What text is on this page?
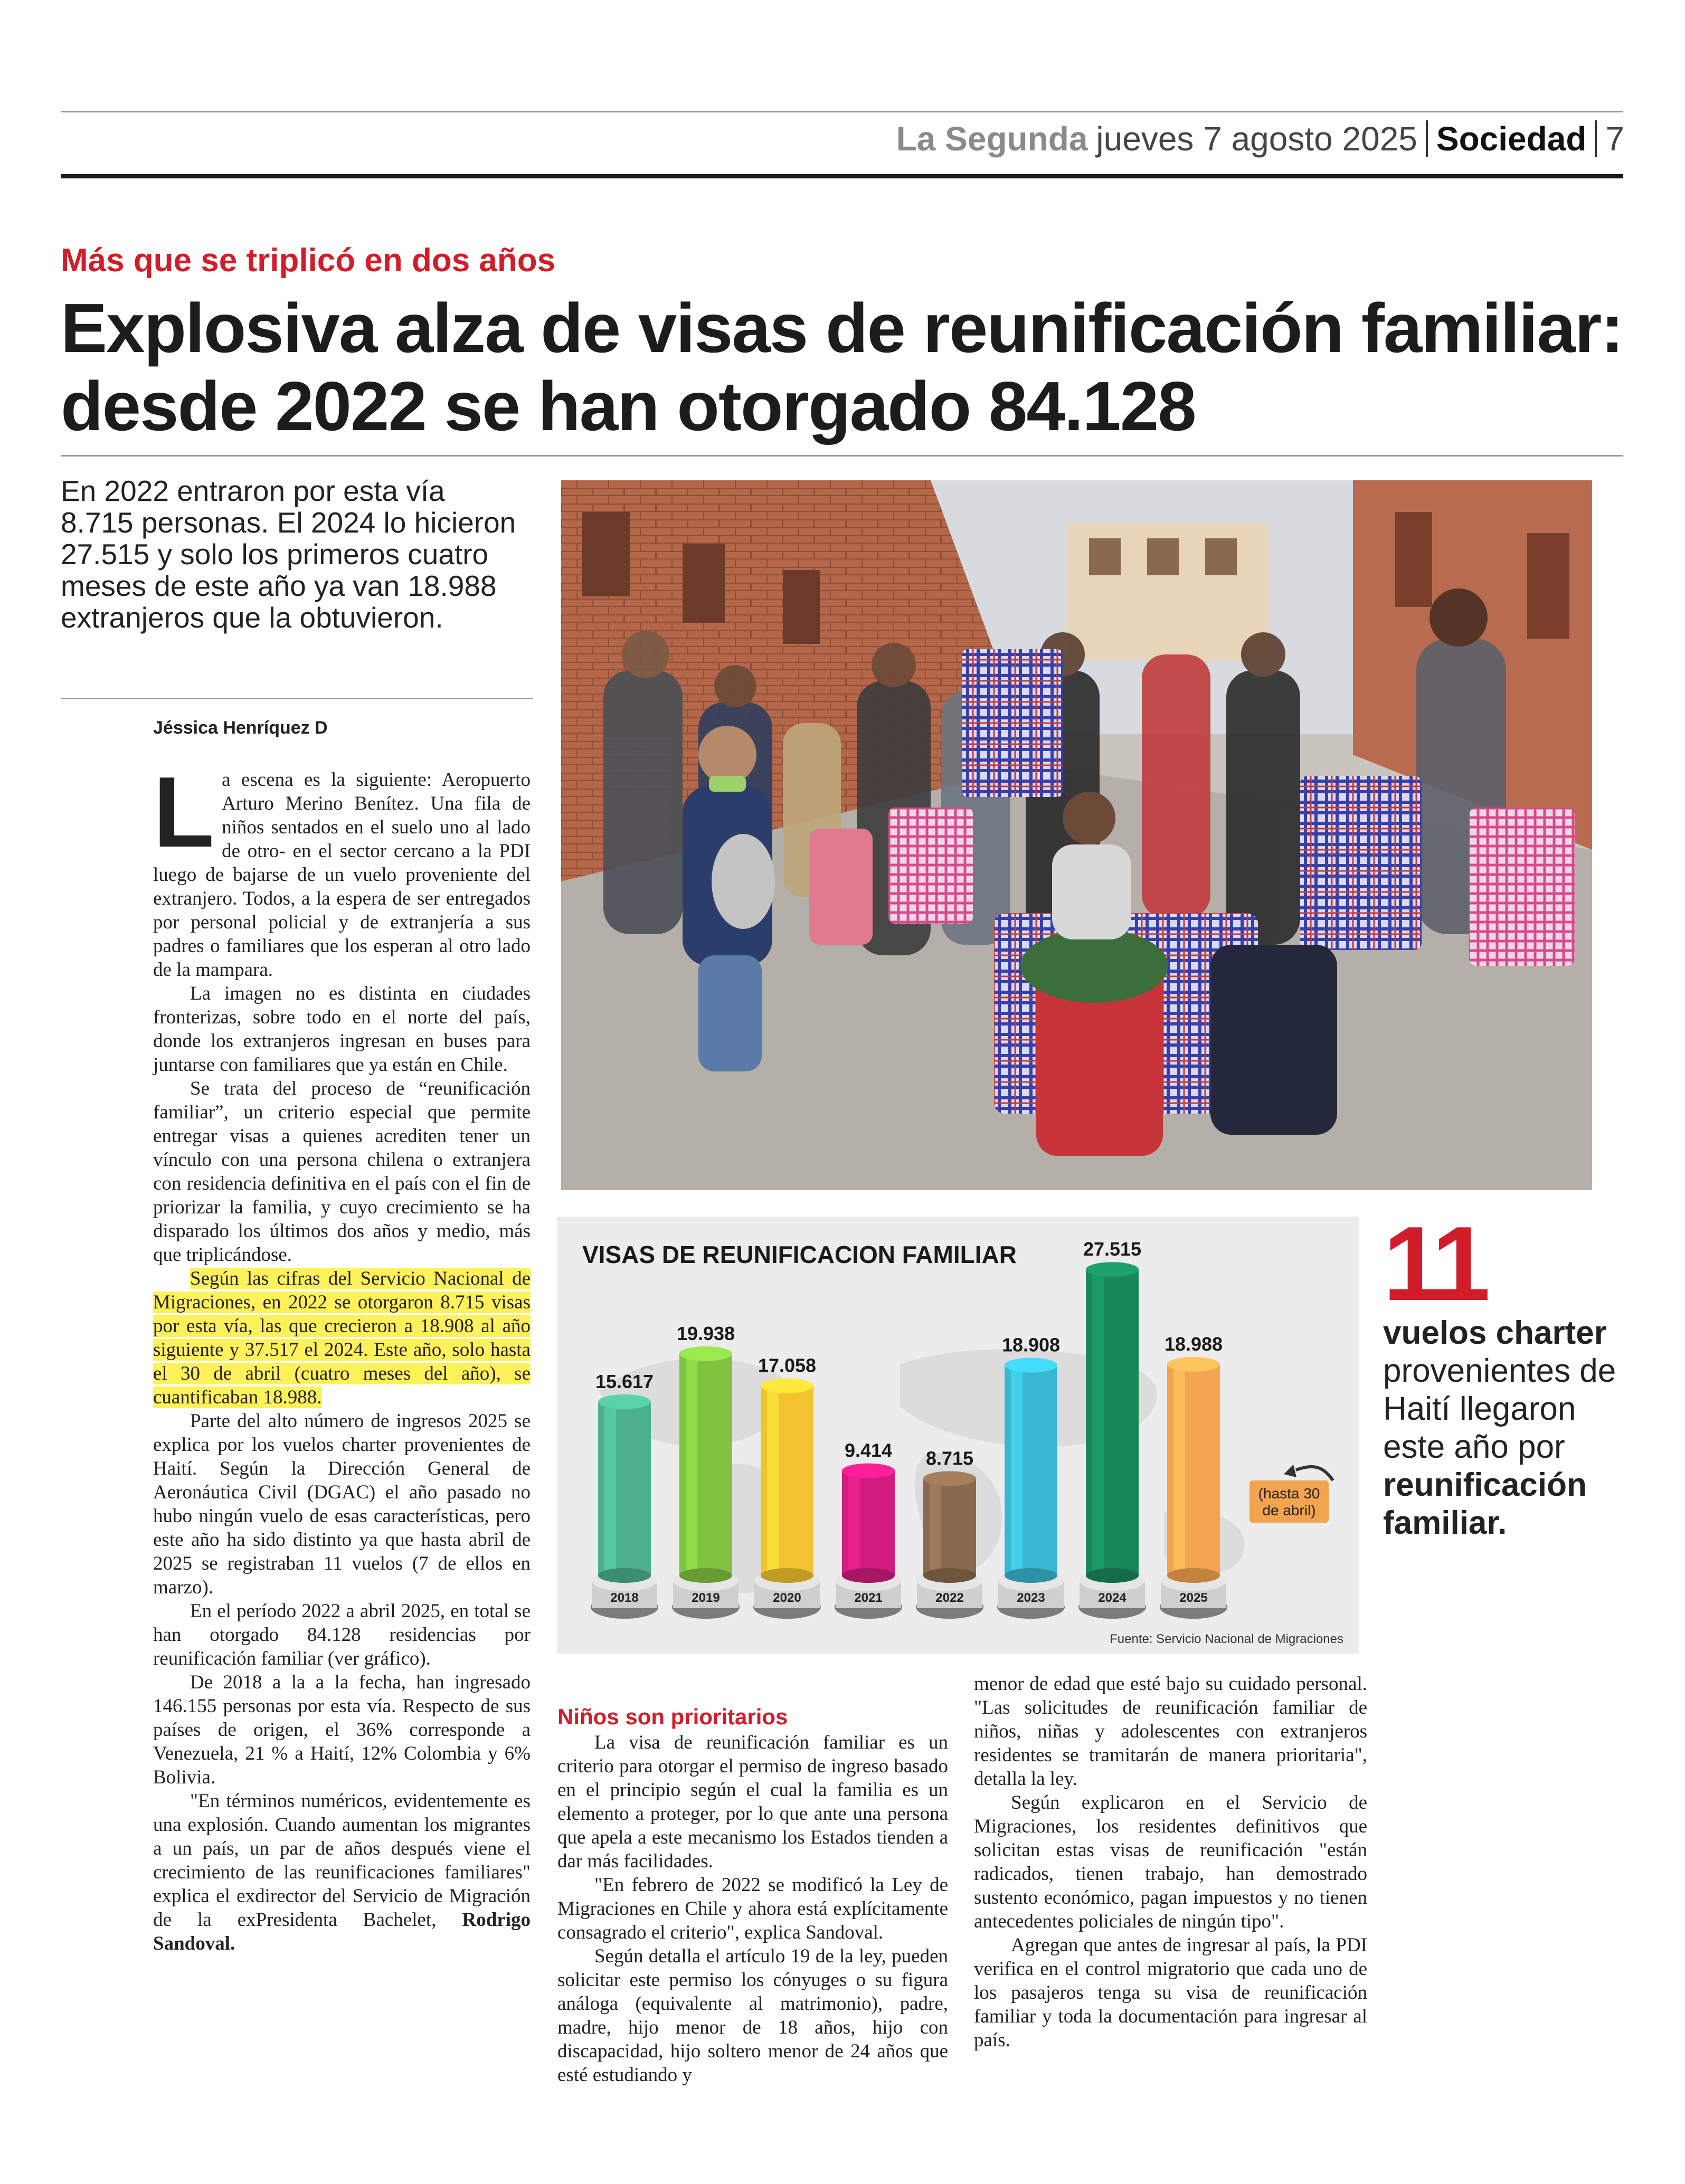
La Segunda jueves 7 agosto 2025 Sociedad 7
Más que se triplicó en dos años
Explosiva alza de visas de reunificación familiar: desde 2022 se han otorgado 84.128
En 2022 entraron por esta vía 8.715 personas. El 2024 lo hicieron 27.515 y solo los primeros cuatro meses de este año ya van 18.988 extranjeros que la obtuvieron.
Jéssica Henríquez D

La escena es la siguiente: Aeropuerto Arturo Merino Benítez. Una fila de niños sentados en el suelo uno al lado de otro- en el sector cercano a la PDI luego de bajarse de un vuelo proveniente del extranjero. Todos, a la espera de ser entregados por personal policial y de extranjería a sus padres o familiares que los esperan al otro lado de la mampara.

La imagen no es distinta en ciudades fronterizas, sobre todo en el norte del país, donde los extranjeros ingresan en buses para juntarse con familiares que ya están en Chile.

Se trata del proceso de “reunificación familiar”, un criterio especial que permite entregar visas a quienes acrediten tener un vínculo con una persona chilena o extranjera con residencia definitiva en el país con el fin de priorizar la familia, y cuyo crecimiento se ha disparado los últimos dos años y medio, más que triplicándose.

Según las cifras del Servicio Nacional de Migraciones, en 2022 se otorgaron 8.715 visas por esta vía, las que crecieron a 18.908 al año siguiente y 37.517 el 2024. Este año, solo hasta el 30 de abril (cuatro meses del año), se cuantificaban 18.988.

Parte del alto número de ingresos 2025 se explica por los vuelos charter provenientes de Haití. Según la Dirección General de Aeronáutica Civil (DGAC) el año pasado no hubo ningún vuelo de esas características, pero este año ha sido distinto ya que hasta abril de 2025 se registraban 11 vuelos (7 de ellos en marzo).

En el período 2022 a abril 2025, en total se han otorgado 84.128 residencias por reunificación familiar (ver gráfico).

De 2018 a la a la fecha, han ingresado 146.155 personas por esta vía. Respecto de sus países de origen, el 36% corresponde a Venezuela, 21 % a Haití, 12% Colombia y 6% Bolivia.

"En términos numéricos, evidentemente es una explosión. Cuando aumentan los migrantes a un país, un par de años después viene el crecimiento de las reunificaciones familiares" explica el exdirector del Servicio de Migración de la exPresidenta Bachelet, Rodrigo Sandoval.

15.617
2018
19.938
2019
17.058
2020
9.414
2021
8.715
2022
18.908
2023
27.515
2024
18.988
2025
VISAS DE REUNIFICACION FAMILIAR
(hasta 30
de abril)
Fuente: Servicio Nacional de Migraciones
11
vuelos charter provenientes de Haití llegaron este año por reunificación familiar.
Niños son prioritarios

La visa de reunificación familiar es un criterio para otorgar el permiso de ingreso basado en el principio según el cual la familia es un elemento a proteger, por lo que ante una persona que apela a este mecanismo los Estados tienden a dar más facilidades.

"En febrero de 2022 se modificó la Ley de Migraciones en Chile y ahora está explícitamente consagrado el criterio", explica Sandoval.

Según detalla el artículo 19 de la ley, pueden solicitar este permiso los cónyuges o su figura análoga (equivalente al matrimonio), padre, madre, hijo menor de 18 años, hijo con discapacidad, hijo soltero menor de 24 años que esté estudiando y

menor de edad que esté bajo su cuidado personal. "Las solicitudes de reunificación familiar de niños, niñas y adolescentes con extranjeros residentes se tramitarán de manera prioritaria", detalla la ley.

Según explicaron en el Servicio de Migraciones, los residentes definitivos que solicitan estas visas de reunificación "están radicados, tienen trabajo, han demostrado sustento económico, pagan impuestos y no tienen antecedentes policiales de ningún tipo".

Agregan que antes de ingresar al país, la PDI verifica en el control migratorio que cada uno de los pasajeros tenga su visa de reunificación familiar y toda la documentación para ingresar al país.
